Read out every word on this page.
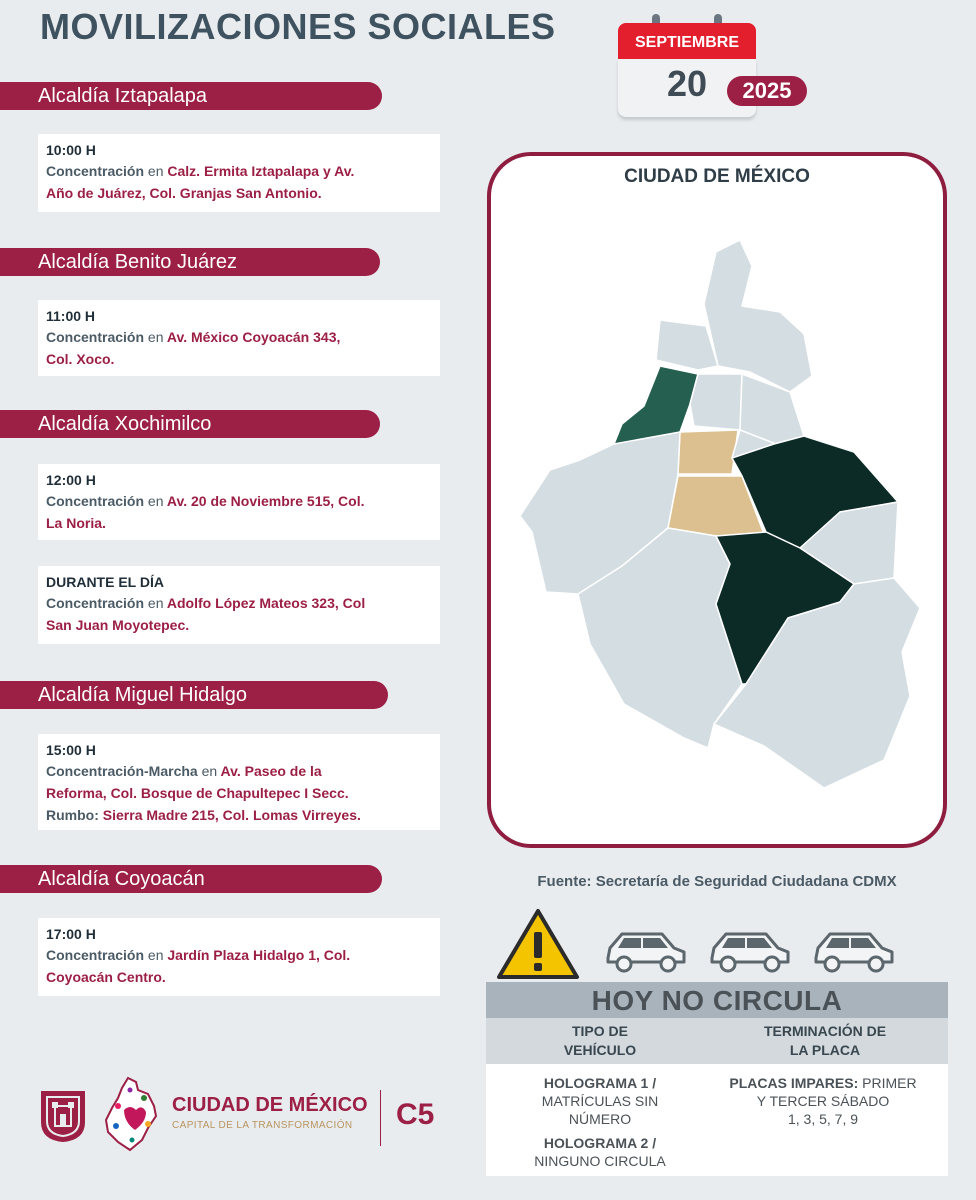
MOVILIZACIONES SOCIALES	SEPTIEMBRE
20	2025
Alcaldía Iztapalapa
10:00 H
Concentración en Calz. Ermita Iztapalapa y Av.
Año de Juárez, Col. Granjas San Antonio.
Alcaldía Benito Juárez
11:00 H
Concentración en Av. México Coyoacán 343,
Col. Xoco.
Alcaldía Xochimilco
12:00 H
Concentración en Av. 20 de Noviembre 515, Col.
La Noria.
DURANTE EL DÍA
Concentración en Adolfo López Mateos 323, Col
San Juan Moyotepec.
Alcaldía Miguel Hidalgo
15:00 H
Concentración-Marcha en Av. Paseo de la
Reforma, Col. Bosque de Chapultepec I Secc.
Rumbo: Sierra Madre 215, Col. Lomas Virreyes.
Alcaldía Coyoacán
17:00 H
Concentración en Jardín Plaza Hidalgo 1, Col.
Coyoacán Centro.
CIUDAD DE MÉXICO
Fuente: Secretaría de Seguridad Ciudadana CDMX
HOY NO CIRCULA
TIPO DE
VEHÍCULO
TERMINACIÓN DE
LA PLACA
HOLOGRAMA 1 /
MATRÍCULAS SIN
NÚMERO
HOLOGRAMA 2 /
NINGUNO CIRCULA
PLACAS IMPARES: PRIMER
Y TERCER SÁBADO
1, 3, 5, 7, 9
CIUDAD DE MÉXICO
CAPITAL DE LA TRANSFORMACIÓN C5
